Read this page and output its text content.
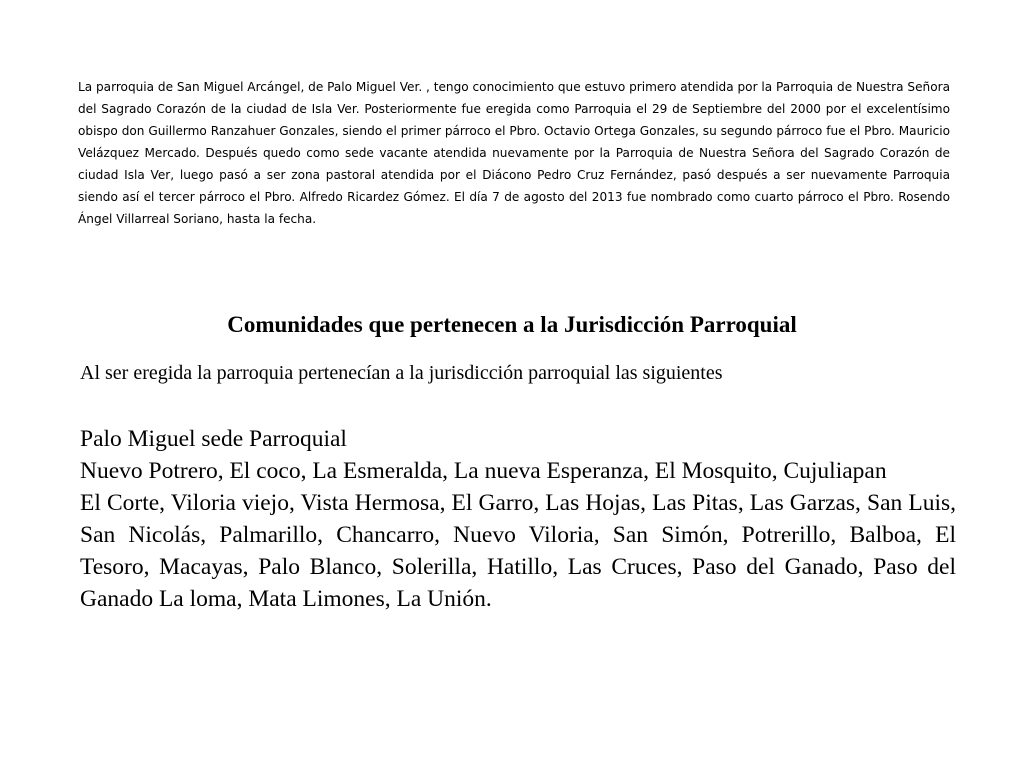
La parroquia de San Miguel Arcángel, de Palo Miguel Ver. , tengo conocimiento que estuvo primero atendida por la Parroquia de Nuestra Señora del Sagrado Corazón de la ciudad de Isla Ver. Posteriormente fue eregida como Parroquia el 29 de Septiembre del 2000 por el excelentísimo obispo don Guillermo Ranzahuer Gonzales, siendo el primer párroco el Pbro. Octavio Ortega Gonzales, su segundo párroco fue el Pbro. Mauricio Velázquez Mercado. Después quedo como sede vacante atendida nuevamente por la Parroquia de Nuestra Señora del Sagrado Corazón de ciudad Isla Ver, luego pasó a ser zona pastoral atendida por el Diácono Pedro Cruz Fernández, pasó después a ser nuevamente Parroquia siendo así el tercer párroco el Pbro. Alfredo Ricardez Gómez. El día 7 de agosto del 2013 fue nombrado como cuarto párroco el Pbro. Rosendo Ángel Villarreal Soriano, hasta la fecha.

Comunidades que pertenecen a la Jurisdicción Parroquial

Al ser eregida la parroquia pertenecían a la jurisdicción parroquial las siguientes

Palo Miguel sede Parroquial

Nuevo Potrero, El coco, La Esmeralda, La nueva Esperanza, El Mosquito, Cujuliapan

El Corte, Viloria viejo, Vista Hermosa, El Garro, Las Hojas, Las Pitas, Las Garzas, San Luis, San Nicolás, Palmarillo, Chancarro, Nuevo Viloria, San Simón, Potrerillo, Balboa, El Tesoro, Macayas, Palo Blanco, Solerilla, Hatillo, Las Cruces, Paso del Ganado, Paso del Ganado La loma, Mata Limones, La Unión.
